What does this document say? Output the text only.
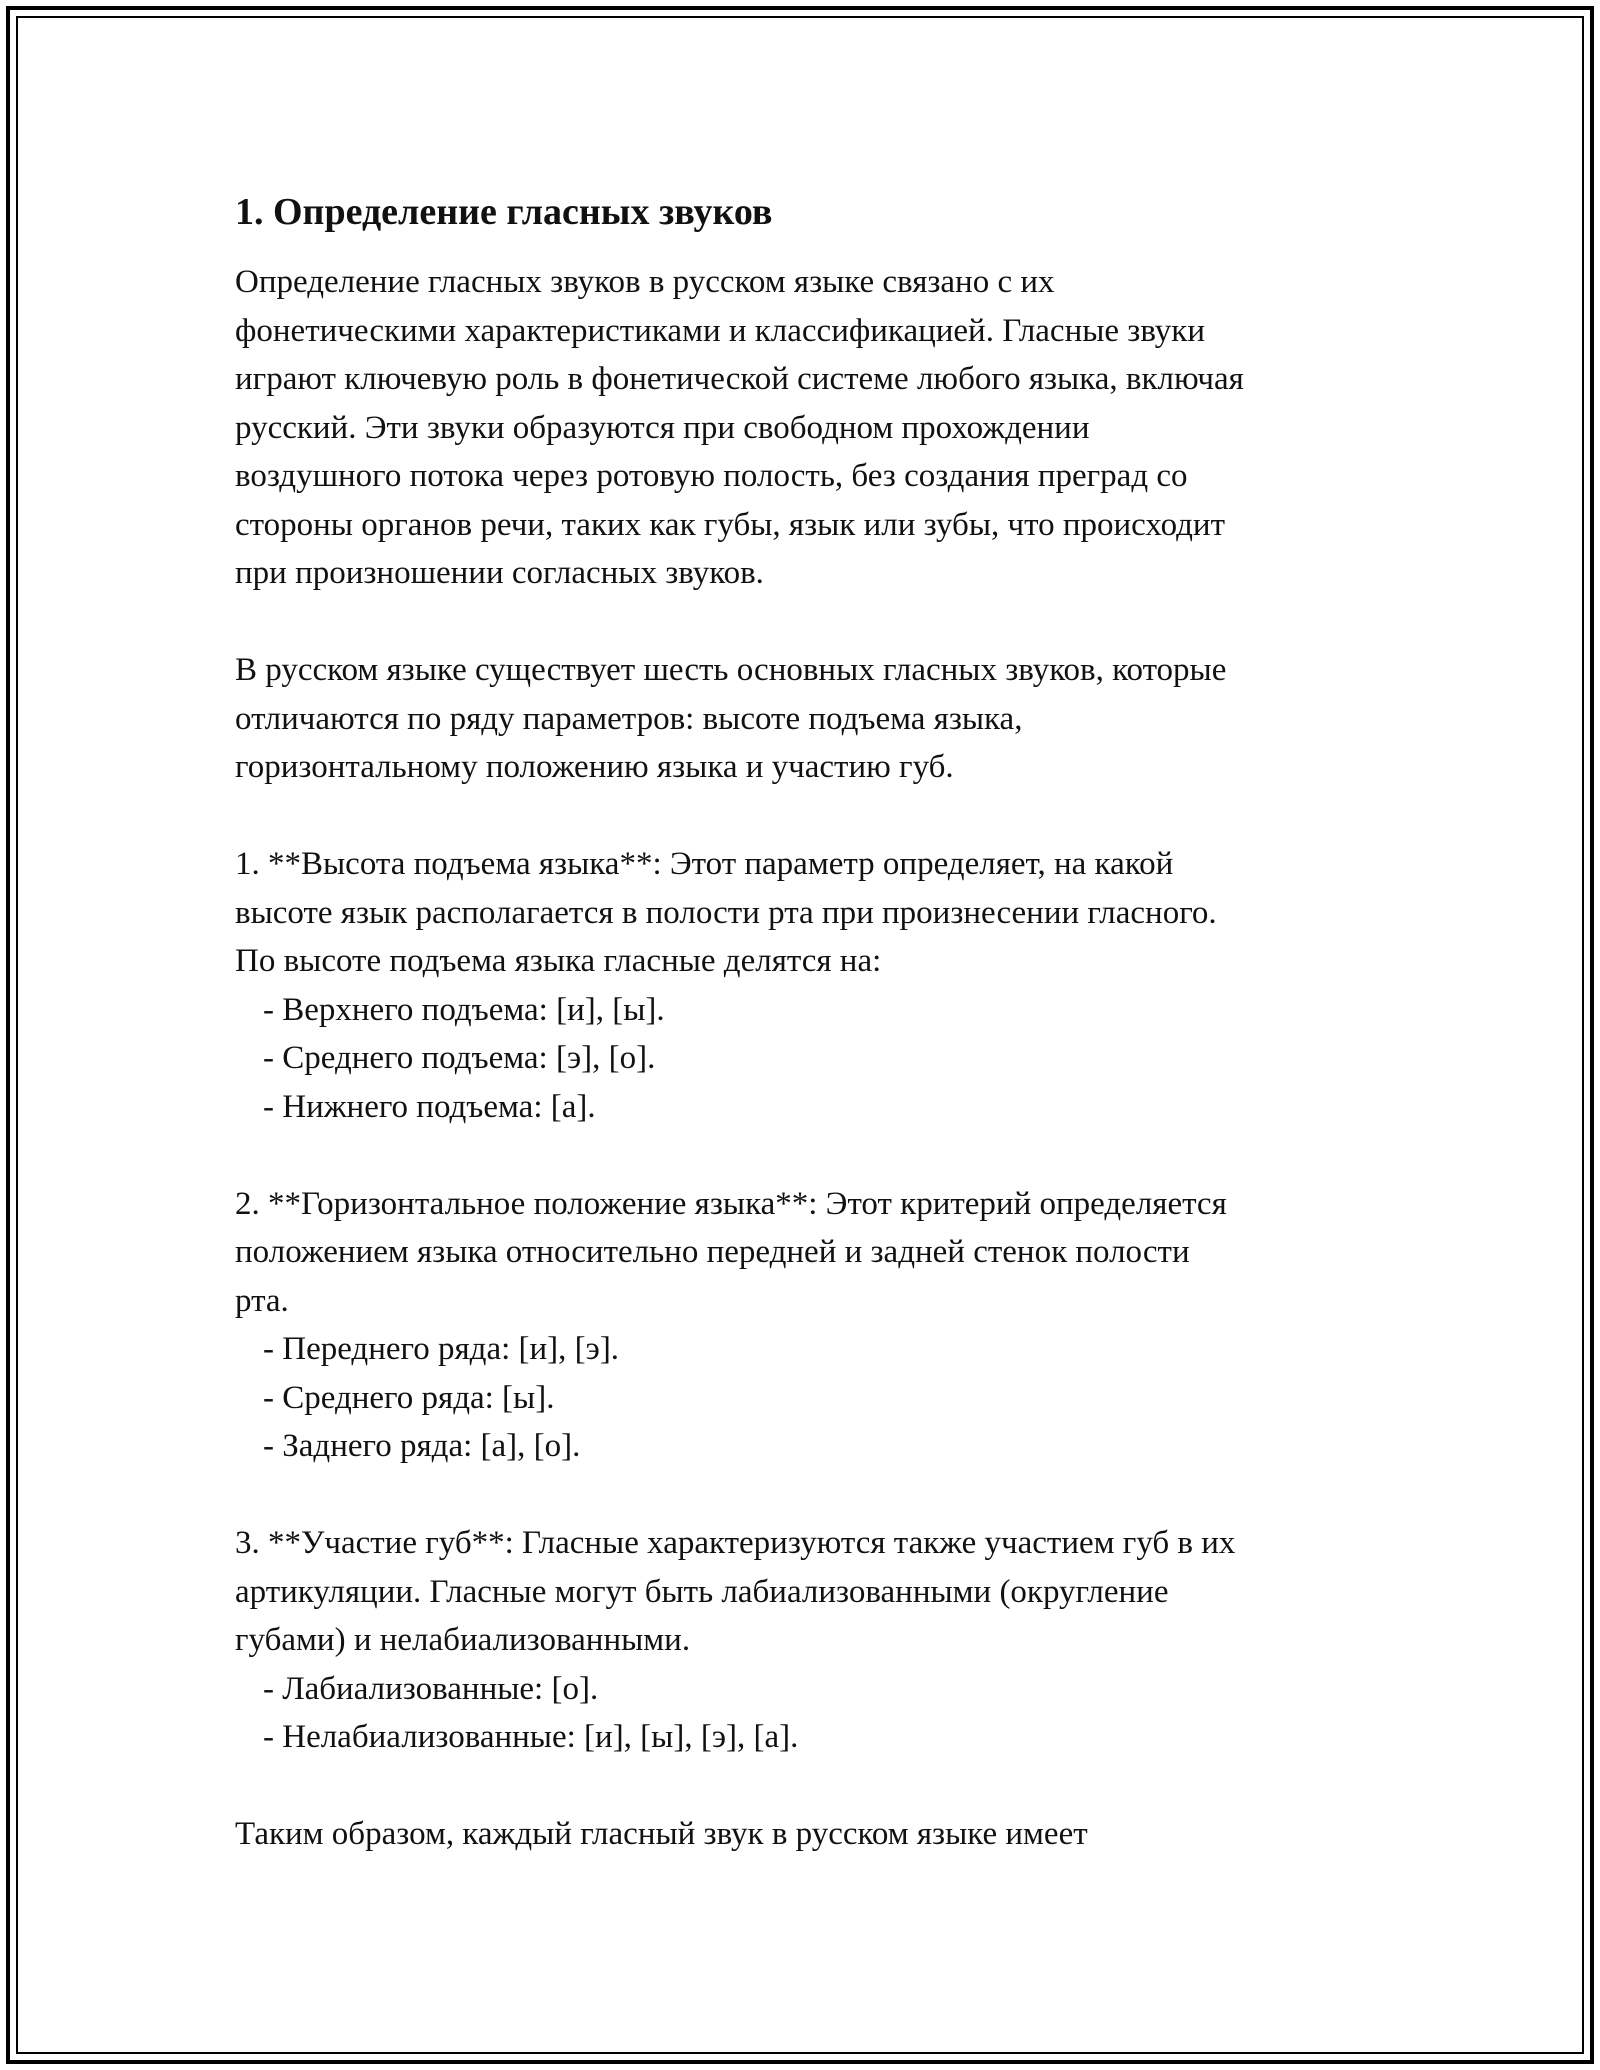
1. Определение гласных звуков
Определение гласных звуков в русском языке связано с их
фонетическими характеристиками и классификацией. Гласные звуки
играют ключевую роль в фонетической системе любого языка, включая
русский. Эти звуки образуются при свободном прохождении
воздушного потока через ротовую полость, без создания преград со
стороны органов речи, таких как губы, язык или зубы, что происходит
при произношении согласных звуков.
В русском языке существует шесть основных гласных звуков, которые
отличаются по ряду параметров: высоте подъема языка,
горизонтальному положению языка и участию губ.
1. **Высота подъема языка**: Этот параметр определяет, на какой
высоте язык располагается в полости рта при произнесении гласного.
По высоте подъема языка гласные делятся на:
- Верхнего подъема: [и], [ы].
- Среднего подъема: [э], [о].
- Нижнего подъема: [а].
2. **Горизонтальное положение языка**: Этот критерий определяется
положением языка относительно передней и задней стенок полости
рта.
- Переднего ряда: [и], [э].
- Среднего ряда: [ы].
- Заднего ряда: [а], [о].
3. **Участие губ**: Гласные характеризуются также участием губ в их
артикуляции. Гласные могут быть лабиализованными (округление
губами) и нелабиализованными.
- Лабиализованные: [о].
- Нелабиализованные: [и], [ы], [э], [а].
Таким образом, каждый гласный звук в русском языке имеет
